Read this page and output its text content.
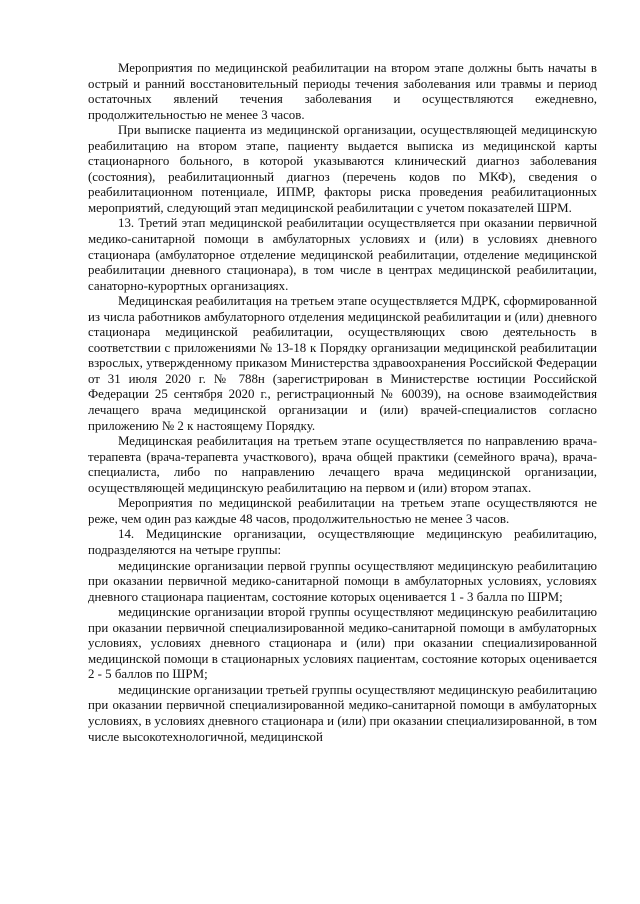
Мероприятия по медицинской реабилитации на втором этапе должны быть начаты в острый и ранний восстановительный периоды течения заболевания или травмы и период остаточных явлений течения заболевания и осуществляются ежедневно, продолжительностью не менее 3 часов.

При выписке пациента из медицинской организации, осуществляющей медицинскую реабилитацию на втором этапе, пациенту выдается выписка из медицинской карты стационарного больного, в которой указываются клинический диагноз заболевания (состояния), реабилитационный диагноз (перечень кодов по МКФ), сведения о реабилитационном потенциале, ИПМР, факторы риска проведения реабилитационных мероприятий, следующий этап медицинской реабилитации с учетом показателей ШРМ.

13. Третий этап медицинской реабилитации осуществляется при оказании первичной медико-санитарной помощи в амбулаторных условиях и (или) в условиях дневного стационара (амбулаторное отделение медицинской реабилитации, отделение медицинской реабилитации дневного стационара), в том числе в центрах медицинской реабилитации, санаторно-курортных организациях.

Медицинская реабилитация на третьем этапе осуществляется МДРК, сформированной из числа работников амбулаторного отделения медицинской реабилитации и (или) дневного стационара медицинской реабилитации, осуществляющих свою деятельность в соответствии с приложениями № 13-18 к Порядку организации медицинской реабилитации взрослых, утвержденному приказом Министерства здравоохранения Российской Федерации от 31 июля 2020 г. № 788н (зарегистрирован в Министерстве юстиции Российской Федерации 25 сентября 2020 г., регистрационный № 60039), на основе взаимодействия лечащего врача медицинской организации и (или) врачей-специалистов согласно приложению № 2 к настоящему Порядку.

Медицинская реабилитация на третьем этапе осуществляется по направлению врача-терапевта (врача-терапевта участкового), врача общей практики (семейного врача), врача-специалиста, либо по направлению лечащего врача медицинской организации, осуществляющей медицинскую реабилитацию на первом и (или) втором этапах.

Мероприятия по медицинской реабилитации на третьем этапе осуществляются не реже, чем один раз каждые 48 часов, продолжительностью не менее 3 часов.

14. Медицинские организации, осуществляющие медицинскую реабилитацию, подразделяются на четыре группы:

медицинские организации первой группы осуществляют медицинскую реабилитацию при оказании первичной медико-санитарной помощи в амбулаторных условиях, условиях дневного стационара пациентам, состояние которых оценивается 1 - 3 балла по ШРМ;

медицинские организации второй группы осуществляют медицинскую реабилитацию при оказании первичной специализированной медико-санитарной помощи в амбулаторных условиях, условиях дневного стационара и (или) при оказании специализированной медицинской помощи в стационарных условиях пациентам, состояние которых оценивается 2 - 5 баллов по ШРМ;

медицинские организации третьей группы осуществляют медицинскую реабилитацию при оказании первичной специализированной медико-санитарной помощи в амбулаторных условиях, в условиях дневного стационара и (или) при оказании специализированной, в том числе высокотехнологичной, медицинской
